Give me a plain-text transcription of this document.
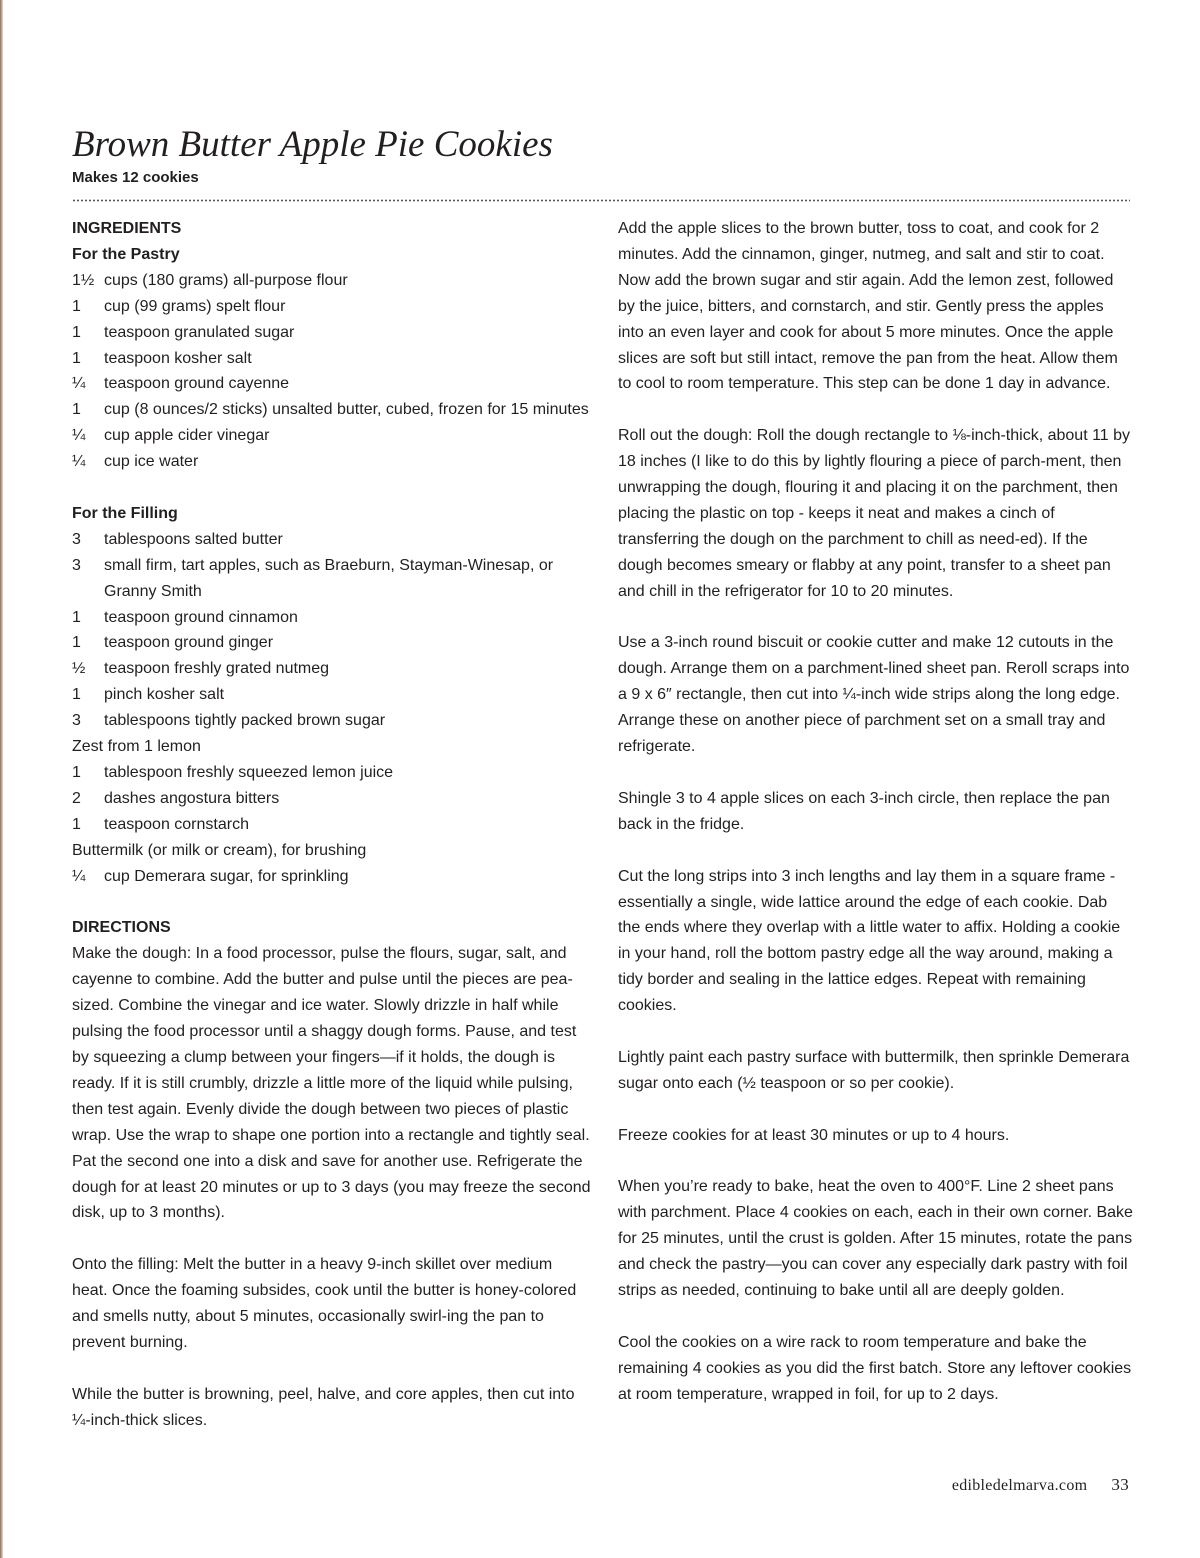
Brown Butter Apple Pie Cookies
Makes 12 cookies
INGREDIENTS
For the Pastry
1½ cups (180 grams) all-purpose flour
1	cup (99 grams) spelt flour
1	teaspoon granulated sugar
1	teaspoon kosher salt
¼	teaspoon ground cayenne
1	cup (8 ounces/2 sticks) unsalted butter, cubed, frozen for 15 minutes
¼	cup apple cider vinegar
¼	cup ice water
For the Filling
3	tablespoons salted butter
3	small firm, tart apples, such as Braeburn, Stayman-Winesap, or Granny Smith
1	teaspoon ground cinnamon
1	teaspoon ground ginger
½	teaspoon freshly grated nutmeg
1	pinch kosher salt
3	tablespoons tightly packed brown sugar
Zest from 1 lemon
1	tablespoon freshly squeezed lemon juice
2	dashes angostura bitters
1	teaspoon cornstarch
Buttermilk (or milk or cream), for brushing
¼	cup Demerara sugar, for sprinkling
DIRECTIONS

Make the dough: In a food processor, pulse the flours, sugar, salt, and cayenne to combine. Add the butter and pulse until the pieces are pea-sized. Combine the vinegar and ice water. Slowly drizzle in half while pulsing the food processor until a shaggy dough forms. Pause, and test by squeezing a clump between your fingers—if it holds, the dough is ready. If it is still crumbly, drizzle a little more of the liquid while pulsing, then test again. Evenly divide the dough between two pieces of plastic wrap. Use the wrap to shape one portion into a rectangle and tightly seal. Pat the second one into a disk and save for another use. Refrigerate the dough for at least 20 minutes or up to 3 days (you may freeze the second disk, up to 3 months).

Onto the filling: Melt the butter in a heavy 9-inch skillet over medium heat. Once the foaming subsides, cook until the butter is honey-colored and smells nutty, about 5 minutes, occasionally swirl-ing the pan to prevent burning.

While the butter is browning, peel, halve, and core apples, then cut into ¼-inch-thick slices.

Add the apple slices to the brown butter, toss to coat, and cook for 2 minutes. Add the cinnamon, ginger, nutmeg, and salt and stir to coat. Now add the brown sugar and stir again. Add the lemon zest, followed by the juice, bitters, and cornstarch, and stir. Gently press the apples into an even layer and cook for about 5 more minutes. Once the apple slices are soft but still intact, remove the pan from the heat. Allow them to cool to room temperature. This step can be done 1 day in advance.

Roll out the dough: Roll the dough rectangle to ⅛-inch-thick, about 11 by 18 inches (I like to do this by lightly flouring a piece of parch-ment, then unwrapping the dough, flouring it and placing it on the parchment, then placing the plastic on top - keeps it neat and makes a cinch of transferring the dough on the parchment to chill as need-ed). If the dough becomes smeary or flabby at any point, transfer to a sheet pan and chill in the refrigerator for 10 to 20 minutes.

Use a 3-inch round biscuit or cookie cutter and make 12 cutouts in the dough. Arrange them on a parchment-lined sheet pan. Reroll scraps into a 9 x 6″ rectangle, then cut into ¼-inch wide strips along the long edge. Arrange these on another piece of parchment set on a small tray and refrigerate.

Shingle 3 to 4 apple slices on each 3-inch circle, then replace the pan back in the fridge.

Cut the long strips into 3 inch lengths and lay them in a square frame - essentially a single, wide lattice around the edge of each cookie. Dab the ends where they overlap with a little water to affix. Holding a cookie in your hand, roll the bottom pastry edge all the way around, making a tidy border and sealing in the lattice edges. Repeat with remaining cookies.

Lightly paint each pastry surface with buttermilk, then sprinkle Demerara sugar onto each (½ teaspoon or so per cookie).

Freeze cookies for at least 30 minutes or up to 4 hours.

When you’re ready to bake, heat the oven to 400°F. Line 2 sheet pans with parchment. Place 4 cookies on each, each in their own corner. Bake for 25 minutes, until the crust is golden. After 15 minutes, rotate the pans and check the pastry—you can cover any especially dark pastry with foil strips as needed, continuing to bake until all are deeply golden.

Cool the cookies on a wire rack to room temperature and bake the remaining 4 cookies as you did the first batch. Store any leftover cookies at room temperature, wrapped in foil, for up to 2 days.

edibledelmarva.com 33
